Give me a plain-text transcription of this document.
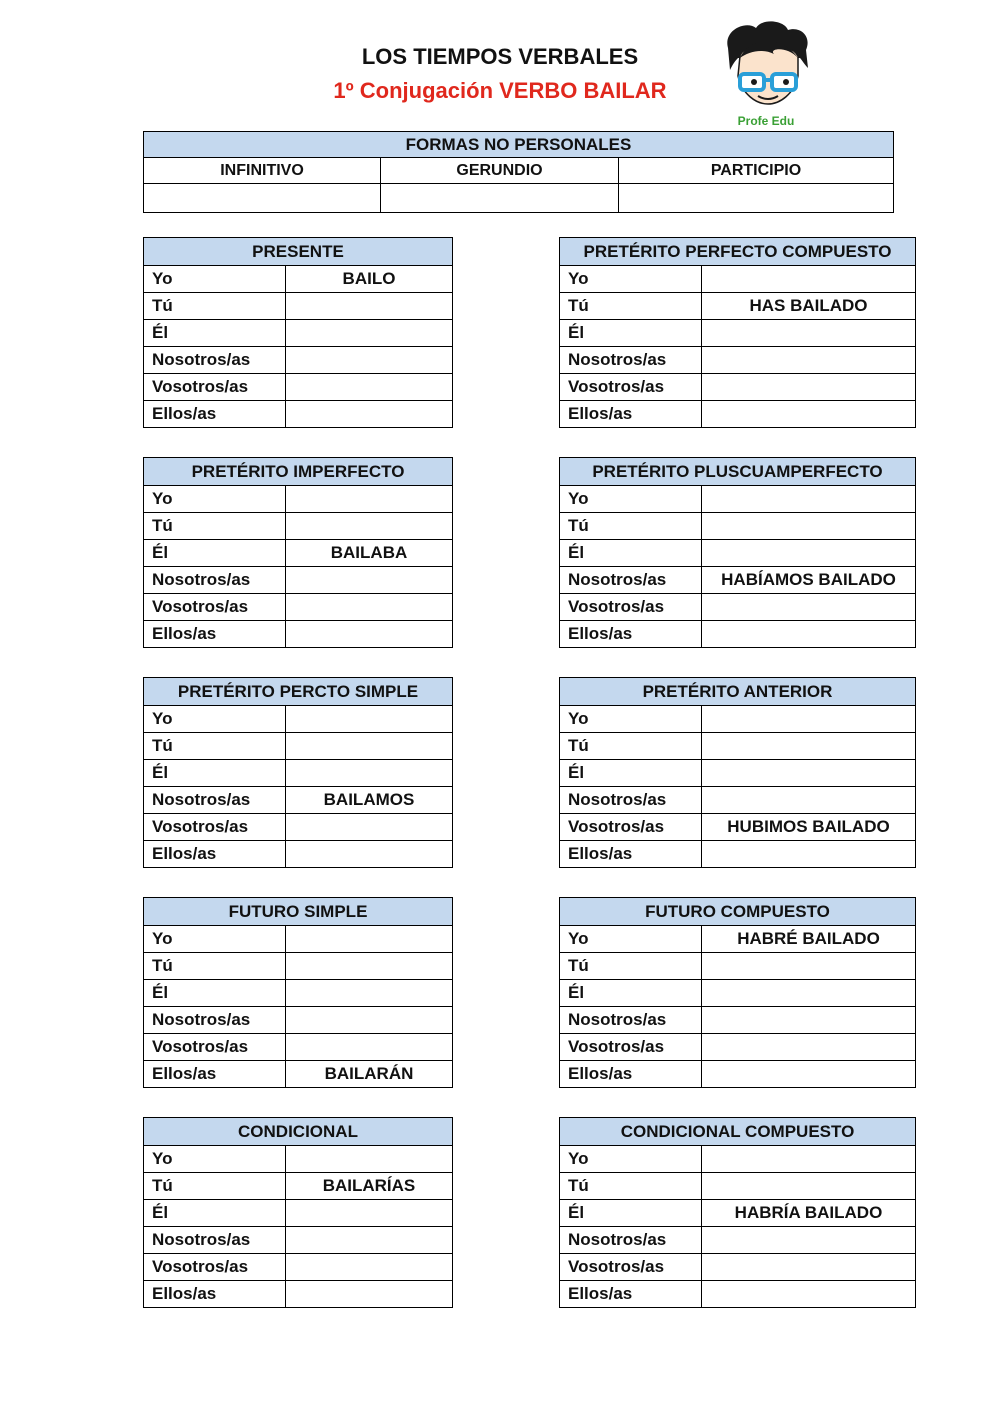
LOS TIEMPOS VERBALES
1º Conjugación VERBO BAILAR
Profe Edu
FORMAS NO PERSONALES		
INFINITIVO	GERUNDIO	PARTICIPIO

PRESENTE	
Yo	BAILO
Tú	
Él	
Nosotros/as	
Vosotros/as	
Ellos/as	
PRETÉRITO PERFECTO COMPUESTO	
Yo	
Tú	HAS BAILADO
Él	
Nosotros/as	
Vosotros/as	
Ellos/as	
PRETÉRITO IMPERFECTO	
Yo	
Tú	
Él	BAILABA
Nosotros/as	
Vosotros/as	
Ellos/as	
PRETÉRITO PLUSCUAMPERFECTO	
Yo	
Tú	
Él	
Nosotros/as	HABÍAMOS BAILADO
Vosotros/as	
Ellos/as	
PRETÉRITO PERCTO SIMPLE	
Yo	
Tú	
Él	
Nosotros/as	BAILAMOS
Vosotros/as	
Ellos/as	
PRETÉRITO ANTERIOR	
Yo	
Tú	
Él	
Nosotros/as	
Vosotros/as	HUBIMOS BAILADO
Ellos/as	
FUTURO SIMPLE	
Yo	
Tú	
Él	
Nosotros/as	
Vosotros/as	
Ellos/as	BAILARÁN
FUTURO COMPUESTO	
Yo	HABRÉ BAILADO
Tú	
Él	
Nosotros/as	
Vosotros/as	
Ellos/as	
CONDICIONAL	
Yo	
Tú	BAILARÍAS
Él	
Nosotros/as	
Vosotros/as	
Ellos/as	
CONDICIONAL COMPUESTO	
Yo	
Tú	
Él	HABRÍA BAILADO
Nosotros/as	
Vosotros/as	
Ellos/as	
